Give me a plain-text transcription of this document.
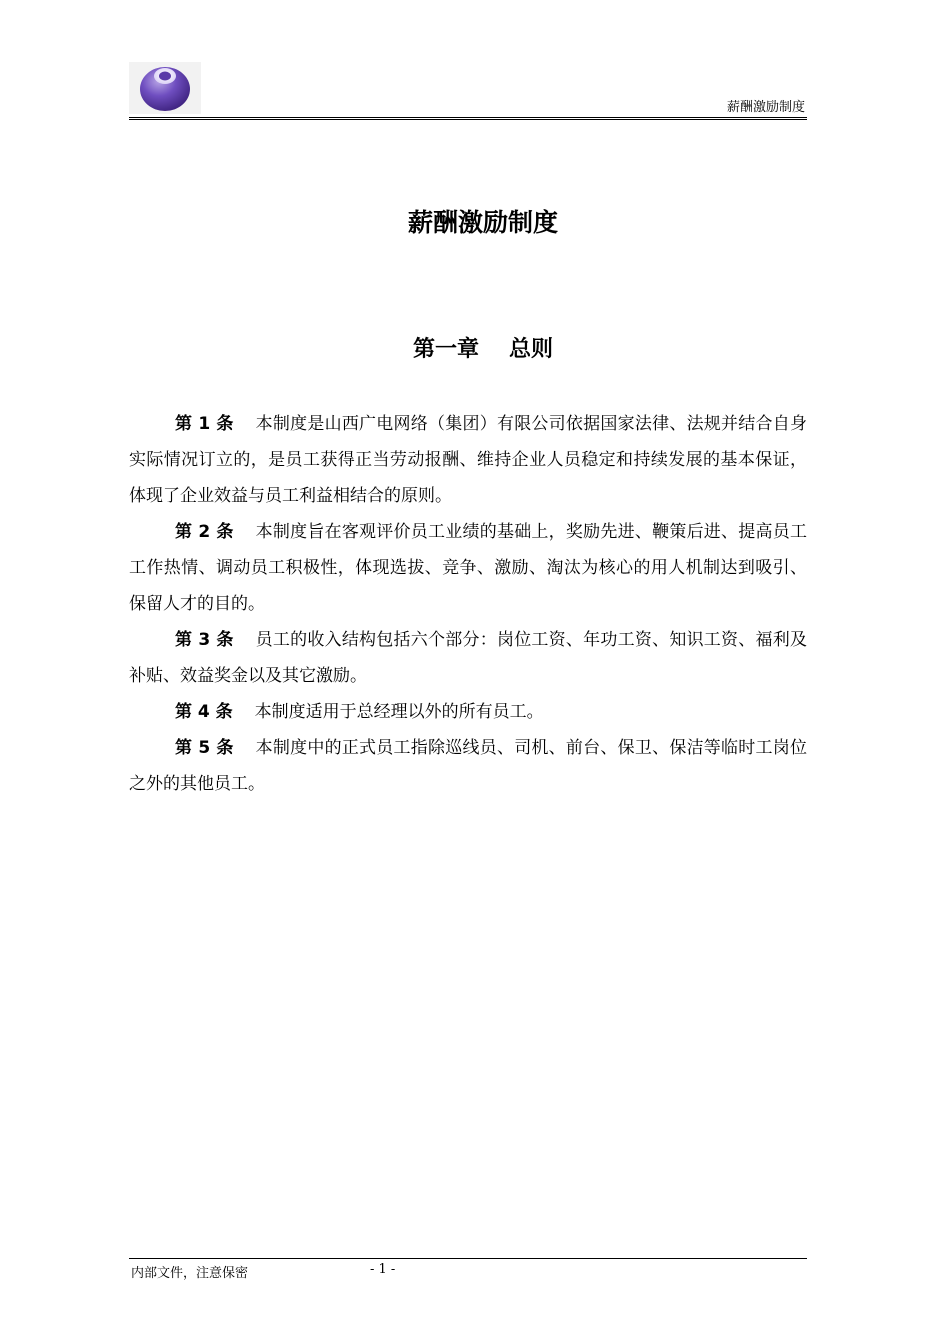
薪酬激励制度
薪酬激励制度
第一章 总则

第 1 条 本制度是山西广电网络（集团）有限公司依据国家法律、法规并结合自身实际情况订立的，是员工获得正当劳动报酬、维持企业人员稳定和持续发展的基本保证，体现了企业效益与员工利益相结合的原则。

第 2 条 本制度旨在客观评价员工业绩的基础上，奖励先进、鞭策后进、提高员工工作热情、调动员工积极性，体现选拔、竞争、激励、淘汰为核心的用人机制达到吸引、保留人才的目的。

第 3 条 员工的收入结构包括六个部分：岗位工资、年功工资、知识工资、福利及补贴、效益奖金以及其它激励。

第 4 条 本制度适用于总经理以外的所有员工。

第 5 条 本制度中的正式员工指除巡线员、司机、前台、保卫、保洁等临时工岗位之外的其他员工。

内部文件，注意保密	- 1 -
